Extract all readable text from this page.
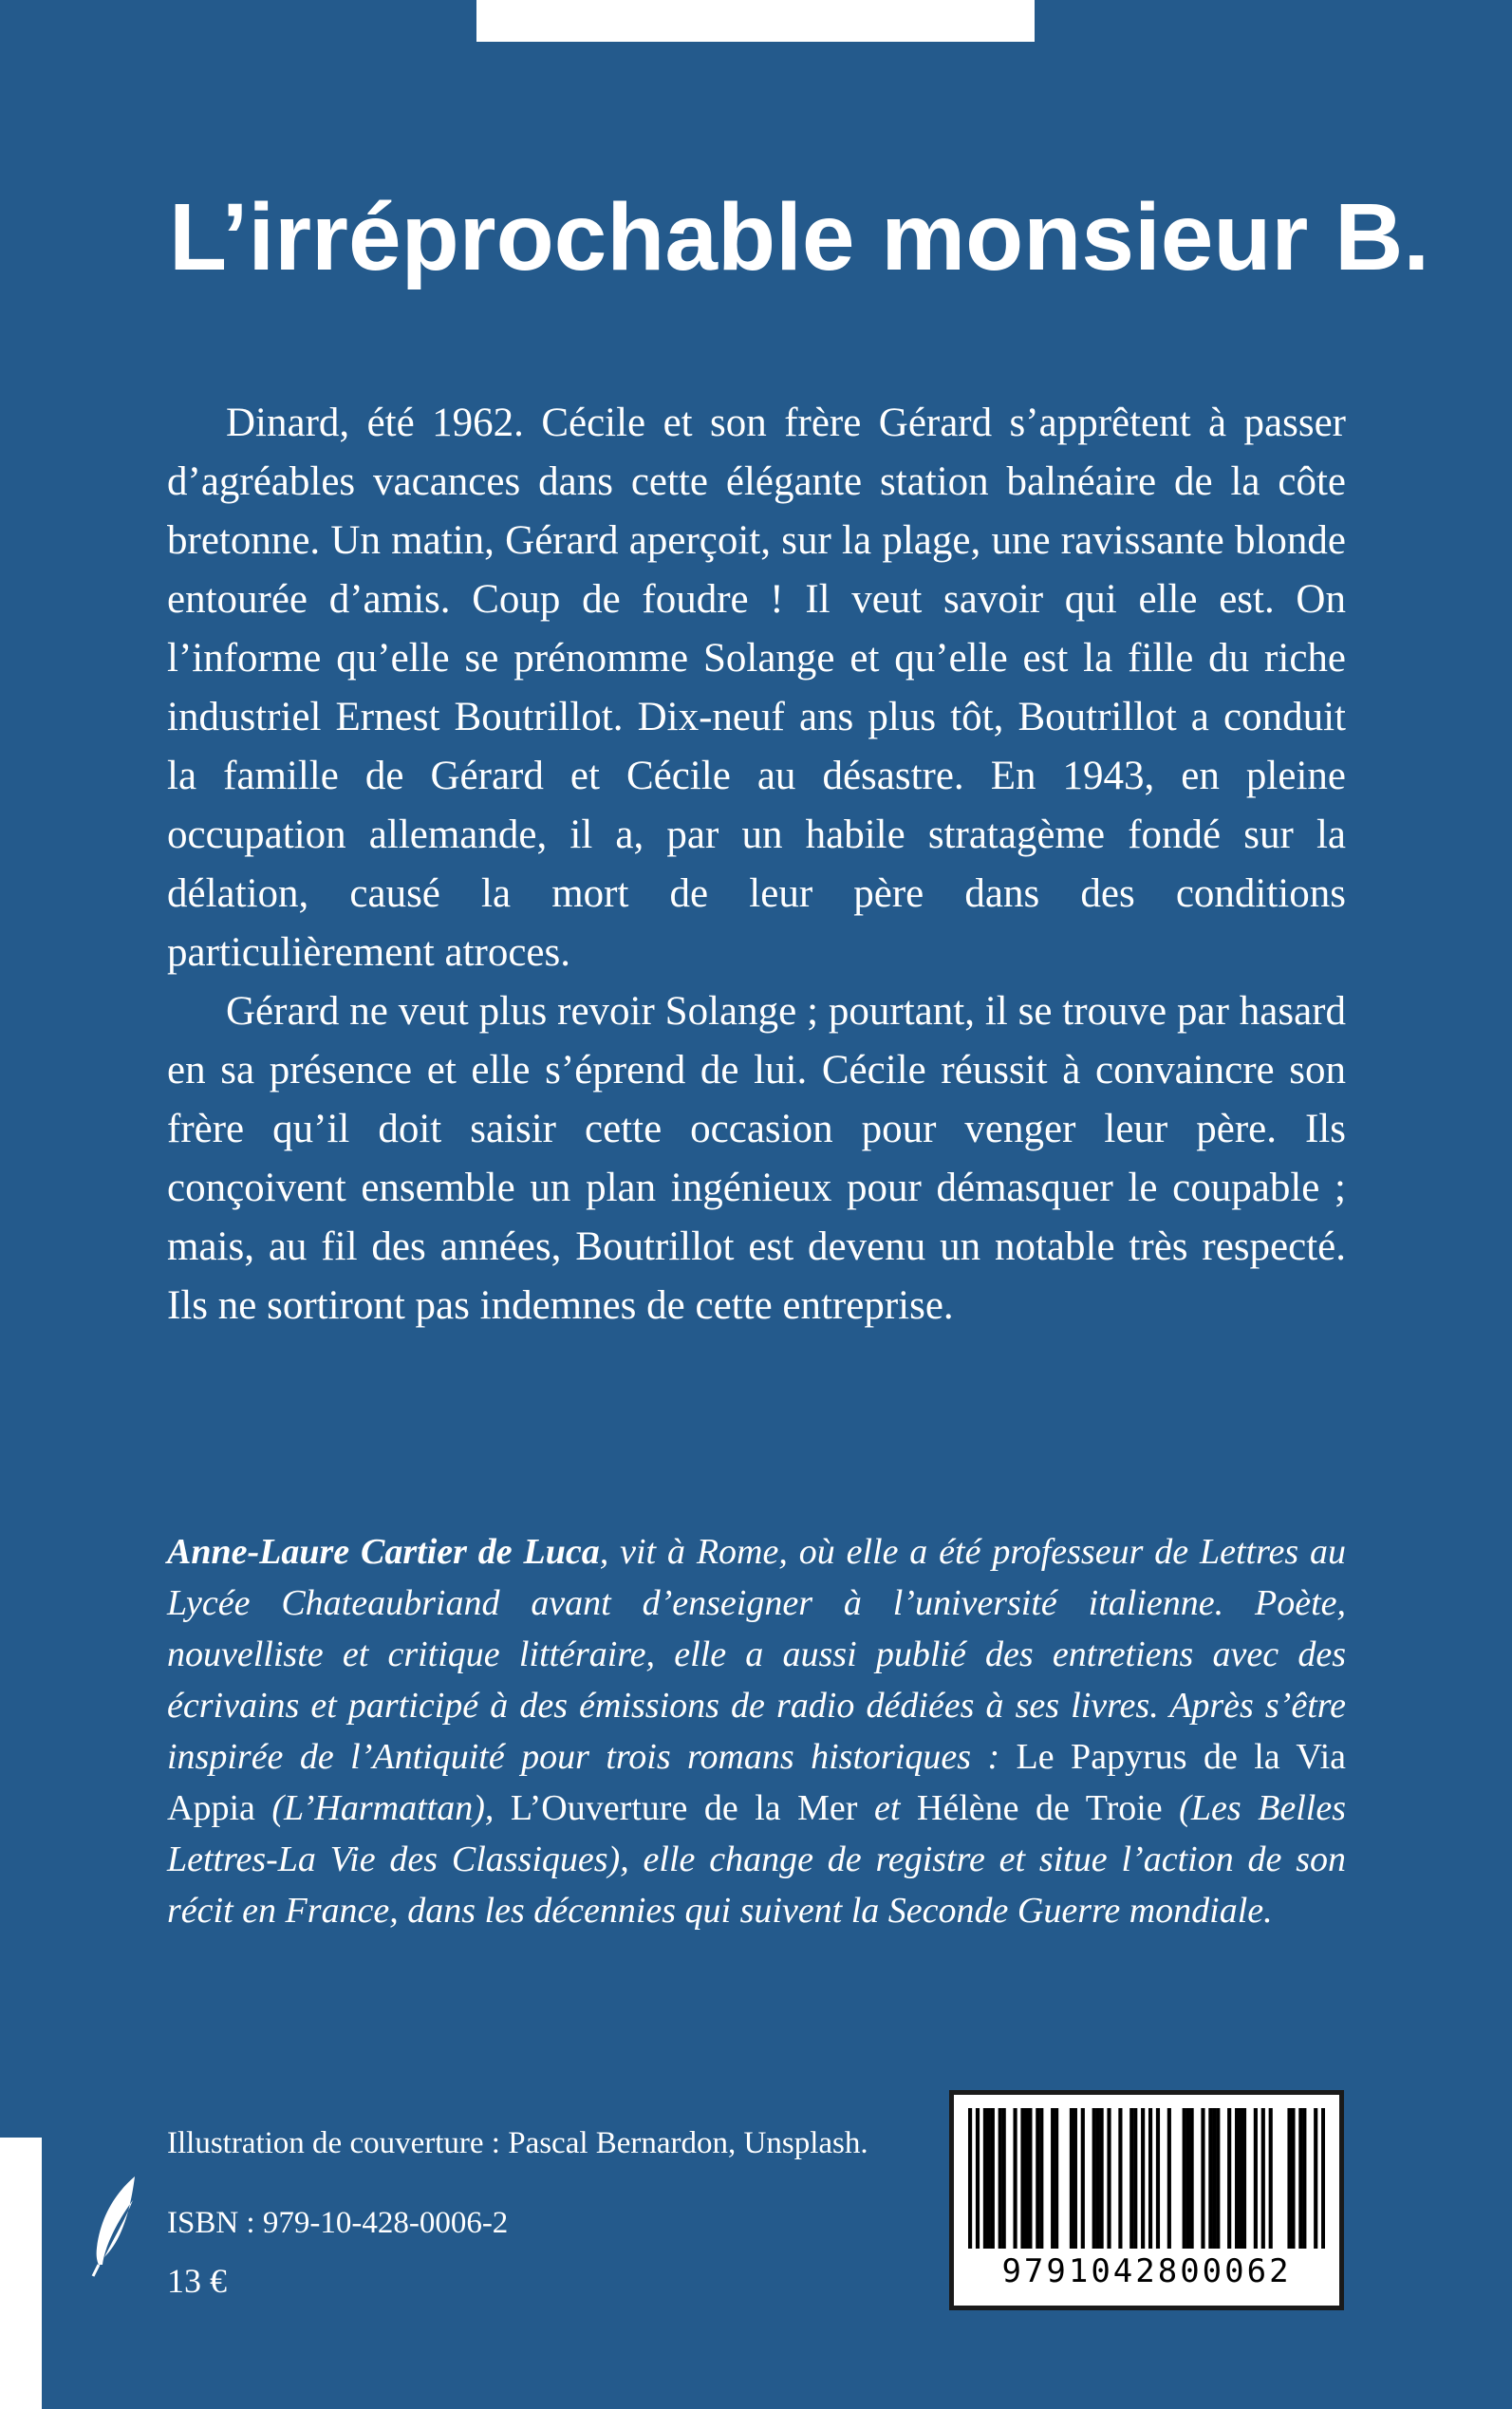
L’irréprochable monsieur B.

Dinard, été 1962. Cécile et son frère Gérard s’apprêtent à passer d’agréables vacances dans cette élégante station balnéaire de la côte bretonne. Un matin, Gérard aperçoit, sur la plage, une ravissante blonde entourée d’amis. Coup de foudre ! Il veut savoir qui elle est. On l’informe qu’elle se prénomme Solange et qu’elle est la fille du riche industriel Ernest Boutrillot. Dix-neuf ans plus tôt, Boutrillot a conduit la famille de Gérard et Cécile au désastre. En 1943, en pleine occupation allemande, il a, par un habile stratagème fondé sur la délation, causé la mort de leur père dans des conditions particulièrement atroces.

Gérard ne veut plus revoir Solange ; pourtant, il se trouve par hasard en sa présence et elle s’éprend de lui. Cécile réussit à convaincre son frère qu’il doit saisir cette occasion pour venger leur père. Ils conçoivent ensemble un plan ingénieux pour démasquer le coupable ; mais, au fil des années, Boutrillot est devenu un notable très respecté. Ils ne sortiront pas indemnes de cette entreprise.

Anne-Laure Cartier de Luca, vit à Rome, où elle a été professeur de Lettres au Lycée Chateaubriand avant d’enseigner à l’université italienne. Poète, nouvelliste et critique littéraire, elle a aussi publié des entretiens avec des écrivains et participé à des émissions de radio dédiées à ses livres. Après s’être inspirée de l’Antiquité pour trois romans historiques : Le Papyrus de la Via Appia (L’Harmattan), L’Ouverture de la Mer et Hélène de Troie (Les Belles Lettres-La Vie des Classiques), elle change de registre et situe l’action de son récit en France, dans les décennies qui suivent la Seconde Guerre mondiale.

Illustration de couverture : Pascal Bernardon, Unsplash.
ISBN : 979-10-428-0006-2
13 €	9791042800062
